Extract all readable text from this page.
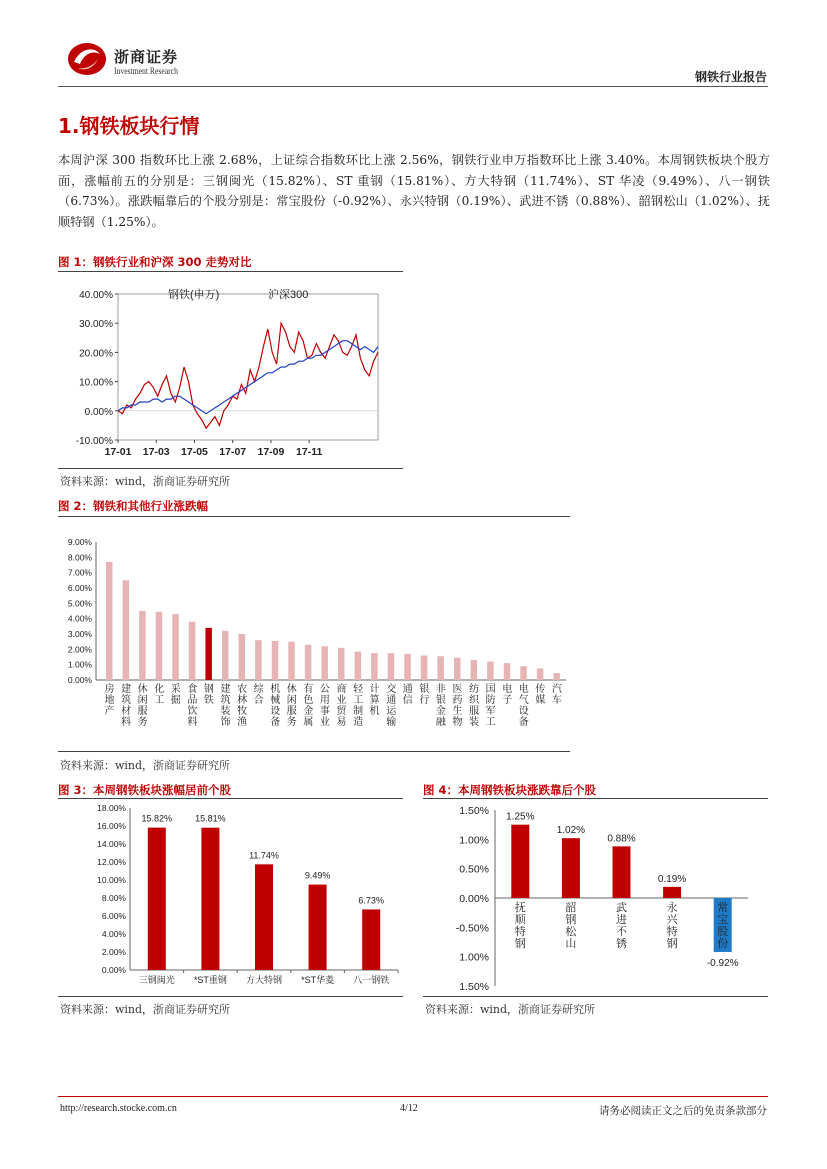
浙商证券
Investment Research	钢铁行业报告
1.钢铁板块行情
本周沪深 300 指数环比上涨 2.68%，上证综合指数环比上涨 2.56%，钢铁行业申万指数环比上涨 3.40%。本周钢铁板块个股方面，涨幅前五的分别是：三钢闽光（15.82%）、ST 重钢（15.81%）、方大特钢（11.74%）、ST 华凌（9.49%）、八一钢铁（6.73%）。涨跌幅靠后的个股分别是：常宝股份（-0.92%）、永兴特钢（0.19%）、武进不锈（0.88%）、韶钢松山（1.02%）、抚顺特钢（1.25%）。
图 1：钢铁行业和沪深 300 走势对比
40.00%
30.00%
20.00%
10.00%
0.00%
-10.00%
17-01 17-03 17-05 17-07 17-09 17-11
钢铁(申万)	沪深300
资料来源：wind，浙商证券研究所
图 2：钢铁和其他行业涨跌幅
9.00%
8.00%
7.00%
6.00%
5.00%
4.00%
3.00%
2.00%
1.00%
0.00%
房地产
建筑材料
休闲服务
化工
采掘
食品饮料
钢铁
建筑装饰
农林牧渔
综合
机械设备
休闲服务
有色金属
公用事业
商业贸易
轻工制造
计算机
交通运输
通信
银行
非银金融
医药生物
纺织服装
国防军工
电子
电气设备
传媒
汽车
资料来源：wind，浙商证券研究所
图 3：本周钢铁板块涨幅居前个股
18.00%
16.00%
14.00%
12.00%
10.00%
8.00%
6.00%
4.00%
2.00%
0.00%
15.82%
三钢闽光
15.81%
*ST重钢
11.74%
方大特钢
9.49%
*ST华菱
6.73%
八一钢铁
资料来源：wind，浙商证券研究所
图 4：本周钢铁板块涨跌靠后个股
1.50%
1.00%
0.50%
0.00%
-0.50%
1.00%
1.50%
1.25%
抚顺特钢
1.02%
韶钢松山
0.88%
武进不锈
0.19%
永兴特钢
-0.92%
常宝股份
资料来源：wind，浙商证券研究所
http://research.stocke.com.cn	4/12	请务必阅读正文之后的免责条款部分
